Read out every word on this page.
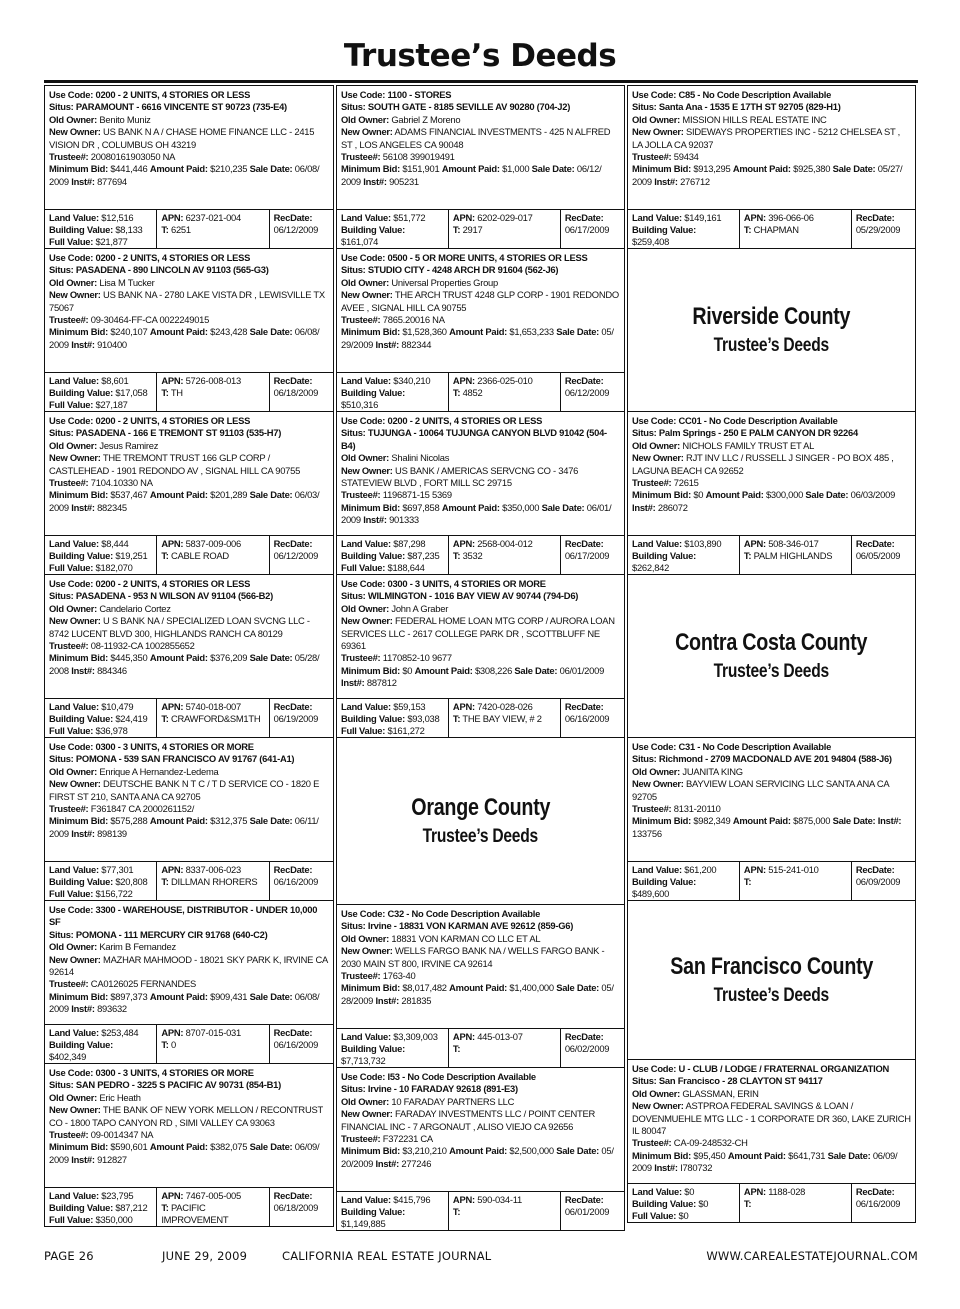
Trustee’s Deeds
Use Code: 0200 - 2 UNITS, 4 STORIES OR LESS
Situs: PARAMOUNT - 6616 VINCENTE ST 90723 (735-E4)
Old Owner: Benito Muniz
New Owner: US BANK N A / CHASE HOME FINANCE LLC - 2415 VISION DR , COLUMBUS OH 43219
Trustee#: 20080161903050 NA
Minimum Bid: $441,446 Amount Paid: $210,235 Sale Date: 06/08/ 2009 Inst#: 877694
Land Value: $12,516
Building Value: $8,133
Full Value: $21,877
APN: 6237-021-004
T: 6251
RecDate:
06/12/2009
Use Code: 0200 - 2 UNITS, 4 STORIES OR LESS
Situs: PASADENA - 890 LINCOLN AV 91103 (565-G3)
Old Owner: Lisa M Tucker
New Owner: US BANK NA - 2780 LAKE VISTA DR , LEWISVILLE TX 75067
Trustee#: 09-30464-FF-CA 0022249015
Minimum Bid: $240,107 Amount Paid: $243,428 Sale Date: 06/08/ 2009 Inst#: 910400
Land Value: $8,601
Building Value: $17,058
Full Value: $27,187
APN: 5726-008-013
T: TH
RecDate:
06/18/2009
Use Code: 0200 - 2 UNITS, 4 STORIES OR LESS
Situs: PASADENA - 166 E TREMONT ST 91103 (535-H7)
Old Owner: Jesus Ramirez
New Owner: THE TREMONT TRUST 166 GLP CORP / CASTLEHEAD - 1901 REDONDO AV , SIGNAL HILL CA 90755
Trustee#: 7104.10330 NA
Minimum Bid: $537,467 Amount Paid: $201,289 Sale Date: 06/03/ 2009 Inst#: 882345
Land Value: $8,444
Building Value: $19,251
Full Value: $182,070
APN: 5837-009-006
T: CABLE ROAD
RecDate:
06/12/2009
Use Code: 0200 - 2 UNITS, 4 STORIES OR LESS
Situs: PASADENA - 953 N WILSON AV 91104 (566-B2)
Old Owner: Candelario Cortez
New Owner: U S BANK NA / SPECIALIZED LOAN SVCNG LLC - 8742 LUCENT BLVD 300, HIGHLANDS RANCH CA 80129
Trustee#: 08-11932-CA 1002855652
Minimum Bid: $445,350 Amount Paid: $376,209 Sale Date: 05/28/ 2008 Inst#: 884346
Land Value: $10,479
Building Value: $24,419
Full Value: $36,978
APN: 5740-018-007
T: CRAWFORD&SM1TH
RecDate:
06/19/2009
Use Code: 0300 - 3 UNITS, 4 STORIES OR MORE
Situs: POMONA - 539 SAN FRANCISCO AV 91767 (641-A1)
Old Owner: Enrique A Hernandez-Ledema
New Owner: DEUTSCHE BANK N T C / T D SERVICE CO - 1820 E FIRST ST 210, SANTA ANA CA 92705
Trustee#: F361847 CA 2000261152/
Minimum Bid: $575,288 Amount Paid: $312,375 Sale Date: 06/11/ 2009 Inst#: 898139
Land Value: $77,301
Building Value: $20,808
Full Value: $156,722
APN: 8337-006-023
T: DILLMAN RHORERS
RecDate:
06/16/2009
Use Code: 3300 - WAREHOUSE, DISTRIBUTOR - UNDER 10,000 SF
Situs: POMONA - 111 MERCURY CIR 91768 (640-C2)
Old Owner: Karim B Fernandez
New Owner: MAZHAR MAHMOOD - 18021 SKY PARK K, IRVINE CA 92614
Trustee#: CA0126025 FERNANDES
Minimum Bid: $897,373 Amount Paid: $909,431 Sale Date: 06/08/ 2009 Inst#: 893632
Land Value: $253,484
Building Value: $402,349
APN: 8707-015-031
T: 0
RecDate:
06/16/2009
Use Code: 0300 - 3 UNITS, 4 STORIES OR MORE
Situs: SAN PEDRO - 3225 S PACIFIC AV 90731 (854-B1)
Old Owner: Eric Heath
New Owner: THE BANK OF NEW YORK MELLON / RECONTRUST CO - 1800 TAPO CANYON RD , SIMI VALLEY CA 93063
Trustee#: 09-0014347 NA
Minimum Bid: $590,601 Amount Paid: $382,075 Sale Date: 06/09/ 2009 Inst#: 912827
Land Value: $23,795
Building Value: $87,212
Full Value: $350,000
APN: 7467-005-005
T: PACIFIC IMPROVEMENT
RecDate:
06/18/2009
Use Code: 1100 - STORES
Situs: SOUTH GATE - 8185 SEVILLE AV 90280 (704-J2)
Old Owner: Gabriel Z Moreno
New Owner: ADAMS FINANCIAL INVESTMENTS - 425 N ALFRED ST , LOS ANGELES CA 90048
Trustee#: 56108 399019491
Minimum Bid: $151,901 Amount Paid: $1,000 Sale Date: 06/12/ 2009 Inst#: 905231
Land Value: $51,772
Building Value: $161,074
APN: 6202-029-017
T: 2917
RecDate:
06/17/2009
Use Code: 0500 - 5 OR MORE UNITS, 4 STORIES OR LESS
Situs: STUDIO CITY - 4248 ARCH DR 91604 (562-J6)
Old Owner: Universal Properties Group
New Owner: THE ARCH TRUST 4248 GLP CORP - 1901 REDONDO AVEE , SIGNAL HILL CA 90755
Trustee#: 7865.20016 NA
Minimum Bid: $1,528,360 Amount Paid: $1,653,233 Sale Date: 05/ 29/2009 Inst#: 882344
Land Value: $340,210
Building Value: $510,316
APN: 2366-025-010
T: 4852
RecDate:
06/12/2009
Use Code: 0200 - 2 UNITS, 4 STORIES OR LESS
Situs: TUJUNGA - 10064 TUJUNGA CANYON BLVD 91042 (504-B4)
Old Owner: Shalini Nicolas
New Owner: US BANK / AMERICAS SERVCNG CO - 3476 STATEVIEW BLVD , FORT MILL SC 29715
Trustee#: 1196871-15 5369
Minimum Bid: $697,858 Amount Paid: $350,000 Sale Date: 06/01/ 2009 Inst#: 901333
Land Value: $87,298
Building Value: $87,235
Full Value: $188,644
APN: 2568-004-012
T: 3532
RecDate:
06/17/2009
Use Code: 0300 - 3 UNITS, 4 STORIES OR MORE
Situs: WILMINGTON - 1016 BAY VIEW AV 90744 (794-D6)
Old Owner: John A Graber
New Owner: FEDERAL HOME LOAN MTG CORP / AURORA LOAN SERVICES LLC - 2617 COLLEGE PARK DR , SCOTTBLUFF NE 69361
Trustee#: 1170852-10 9677
Minimum Bid: $0 Amount Paid: $308,226 Sale Date: 06/01/2009 Inst#: 887812
Land Value: $59,153
Building Value: $93,038
Full Value: $161,272
APN: 7420-028-026
T: THE BAY VIEW, # 2
RecDate:
06/16/2009
Orange County
Trustee’s Deeds
Use Code: C32 - No Code Description Available
Situs: Irvine - 18831 VON KARMAN AVE 92612 (859-G6)
Old Owner: 18831 VON KARMAN CO LLC ET AL
New Owner: WELLS FARGO BANK NA / WELLS FARGO BANK - 2030 MAIN ST 800, IRVINE CA 92614
Trustee#: 1763-40
Minimum Bid: $8,017,482 Amount Paid: $1,400,000 Sale Date: 05/ 28/2009 Inst#: 281835
Land Value: $3,309,003
Building Value: $7,713,732
APN: 445-013-07
T:
RecDate:
06/02/2009
Use Code: I53 - No Code Description Available
Situs: Irvine - 10 FARADAY 92618 (891-E3)
Old Owner: 10 FARADAY PARTNERS LLC
New Owner: FARADAY INVESTMENTS LLC / POINT CENTER FINANCIAL INC - 7 ARGONAUT , ALISO VIEJO CA 92656
Trustee#: F372231 CA
Minimum Bid: $3,210,210 Amount Paid: $2,500,000 Sale Date: 05/ 20/2009 Inst#: 277246
Land Value: $415,796
Building Value: $1,149,885
APN: 590-034-11
T:
RecDate:
06/01/2009
Use Code: C85 - No Code Description Available
Situs: Santa Ana - 1535 E 17TH ST 92705 (829-H1)
Old Owner: MISSION HILLS REAL ESTATE INC
New Owner: SIDEWAYS PROPERTIES INC - 5212 CHELSEA ST , LA JOLLA CA 92037
Trustee#: 59434
Minimum Bid: $913,295 Amount Paid: $925,380 Sale Date: 05/27/ 2009 Inst#: 276712
Land Value: $149,161
Building Value: $259,408
APN: 396-066-06
T: CHAPMAN
RecDate:
05/29/2009
Riverside County
Trustee’s Deeds
Use Code: CC01 - No Code Description Available
Situs: Palm Springs - 250 E PALM CANYON DR 92264
Old Owner: NICHOLS FAMILY TRUST ET AL
New Owner: RJT INV LLC / RUSSELL J SINGER - PO BOX 485 , LAGUNA BEACH CA 92652
Trustee#: 72615
Minimum Bid: $0 Amount Paid: $300,000 Sale Date: 06/03/2009 Inst#: 286072
Land Value: $103,890
Building Value: $262,842
APN: 508-346-017
T: PALM HIGHLANDS
RecDate:
06/05/2009
Contra Costa County
Trustee’s Deeds
Use Code: C31 - No Code Description Available
Situs: Richmond - 2709 MACDONALD AVE 201 94804 (588-J6)
Old Owner: JUANITA KING
New Owner: BAYVIEW LOAN SERVICING LLC SANTA ANA CA 92705
Trustee#: 8131-20110
Minimum Bid: $982,349 Amount Paid: $875,000 Sale Date: Inst#: 133756
Land Value: $61,200
Building Value: $489,600
APN: 515-241-010
T:
RecDate:
06/09/2009
San Francisco County
Trustee’s Deeds
Use Code: U - CLUB / LODGE / FRATERNAL ORGANIZATION
Situs: San Francisco - 28 CLAYTON ST 94117
Old Owner: GLASSMAN, ERIN
New Owner: ASTPROA FEDERAL SAVINGS & LOAN / DOVENMUEHLE MTG LLC - 1 CORPORATE DR 360, LAKE ZURICH IL 80047
Trustee#: CA-09-248532-CH
Minimum Bid: $95,450 Amount Paid: $641,731 Sale Date: 06/09/ 2009 Inst#: I780732
Land Value: $0
Building Value: $0
Full Value: $0
APN: 1188-028
T:
RecDate:
06/16/2009
PAGE 26	JUNE 29, 2009	CALIFORNIA REAL ESTATE JOURNAL	WWW.CAREALESTATEJOURNAL.COM
